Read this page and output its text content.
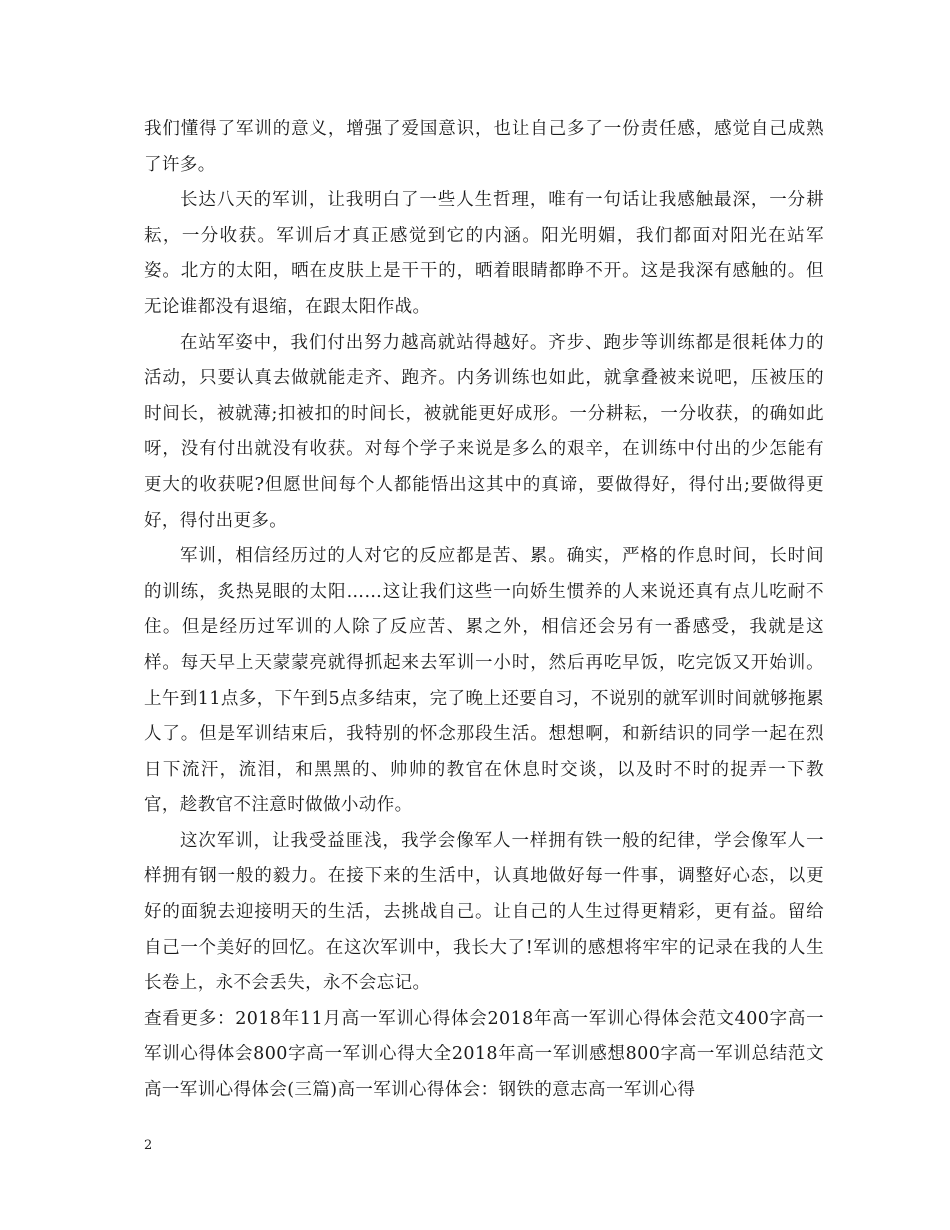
我们懂得了军训的意义，增强了爱国意识，也让自己多了一份责任感，感觉自己成熟了许多。

长达八天的军训，让我明白了一些人生哲理，唯有一句话让我感触最深，一分耕耘，一分收获。军训后才真正感觉到它的内涵。阳光明媚，我们都面对阳光在站军姿。北方的太阳，晒在皮肤上是干干的，晒着眼睛都睁不开。这是我深有感触的。但无论谁都没有退缩，在跟太阳作战。

在站军姿中，我们付出努力越高就站得越好。齐步、跑步等训练都是很耗体力的活动，只要认真去做就能走齐、跑齐。内务训练也如此，就拿叠被来说吧，压被压的时间长，被就薄;扣被扣的时间长，被就能更好成形。一分耕耘，一分收获，的确如此呀，没有付出就没有收获。对每个学子来说是多么的艰辛，在训练中付出的少怎能有更大的收获呢?但愿世间每个人都能悟出这其中的真谛，要做得好，得付出;要做得更好，得付出更多。

军训，相信经历过的人对它的反应都是苦、累。确实，严格的作息时间，长时间的训练，炙热晃眼的太阳……这让我们这些一向娇生惯养的人来说还真有点儿吃耐不住。但是经历过军训的人除了反应苦、累之外，相信还会另有一番感受，我就是这样。每天早上天蒙蒙亮就得抓起来去军训一小时，然后再吃早饭，吃完饭又开始训。上午到11点多，下午到5点多结束，完了晚上还要自习，不说别的就军训时间就够拖累人了。但是军训结束后，我特别的怀念那段生活。想想啊，和新结识的同学一起在烈日下流汗，流泪，和黑黑的、帅帅的教官在休息时交谈，以及时不时的捉弄一下教官，趁教官不注意时做做小动作。

这次军训，让我受益匪浅，我学会像军人一样拥有铁一般的纪律，学会像军人一样拥有钢一般的毅力。在接下来的生活中，认真地做好每一件事，调整好心态，以更好的面貌去迎接明天的生活，去挑战自己。让自己的人生过得更精彩，更有益。留给自己一个美好的回忆。在这次军训中，我长大了!军训的感想将牢牢的记录在我的人生长卷上，永不会丢失，永不会忘记。

查看更多：2018年11月高一军训心得体会2018年高一军训心得体会范文400字高一军训心得体会800字高一军训心得大全2018年高一军训感想800字高一军训总结范文高一军训心得体会(三篇)高一军训心得体会：钢铁的意志高一军训心得

2
